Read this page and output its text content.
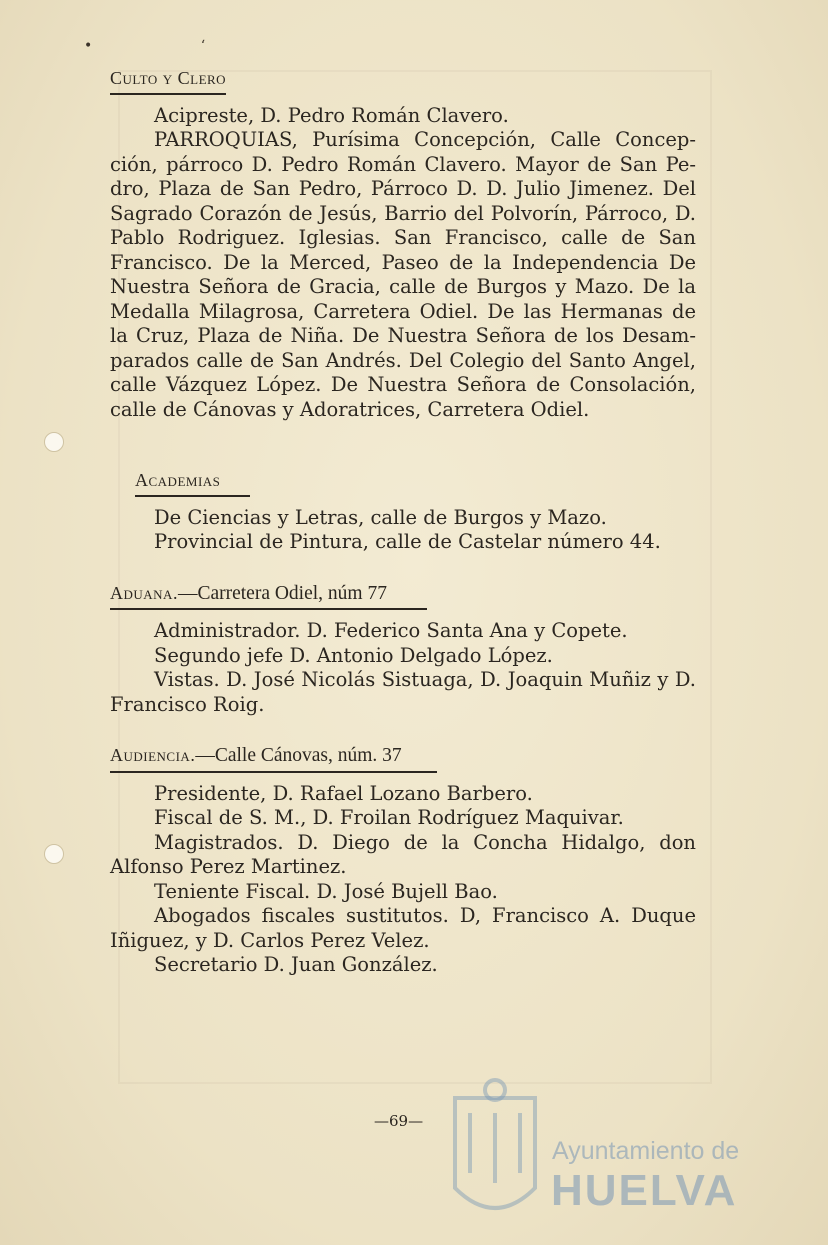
• ‘
Culto y Clero

Acipreste, D. Pedro Román Clavero.

PARROQUIAS, Purísima Concepción, Calle Concepción, párroco D. Pedro Román Clavero. Mayor de San Pedro, Plaza de San Pedro, Párroco D. D. Julio Jimenez. Del Sagrado Corazón de Jesús, Barrio del Polvorín, Párroco, D. Pablo Rodriguez. Iglesias. San Francisco, calle de San Francisco. De la Merced, Paseo de la Independencia De Nuestra Señora de Gracia, calle de Burgos y Mazo. De la Medalla Milagrosa, Carretera Odiel. De las Hermanas de la Cruz, Plaza de Niña. De Nuestra Señora de los Desamparados calle de San Andrés. Del Colegio del Santo Angel, calle Vázquez López. De Nuestra Señora de Consolación, calle de Cánovas y Adoratrices, Carretera Odiel.

Academias

De Ciencias y Letras, calle de Burgos y Mazo.

Provincial de Pintura, calle de Castelar número 44.

Aduana.—Carretera Odiel, núm 77

Administrador. D. Federico Santa Ana y Copete.

Segundo jefe D. Antonio Delgado López.

Vistas. D. José Nicolás Sistuaga, D. Joaquin Muñiz y D. Francisco Roig.

Audiencia.—Calle Cánovas, núm. 37

Presidente, D. Rafael Lozano Barbero.

Fiscal de S. M., D. Froilan Rodríguez Maquivar.

Magistrados. D. Diego de la Concha Hidalgo, don Alfonso Perez Martinez.

Teniente Fiscal. D. José Bujell Bao.

Abogados fiscales sustitutos. D, Francisco A. Duque Iñiguez, y D. Carlos Perez Velez.

Secretario D. Juan González.

—69—
Ayuntamiento de
HUELVA
